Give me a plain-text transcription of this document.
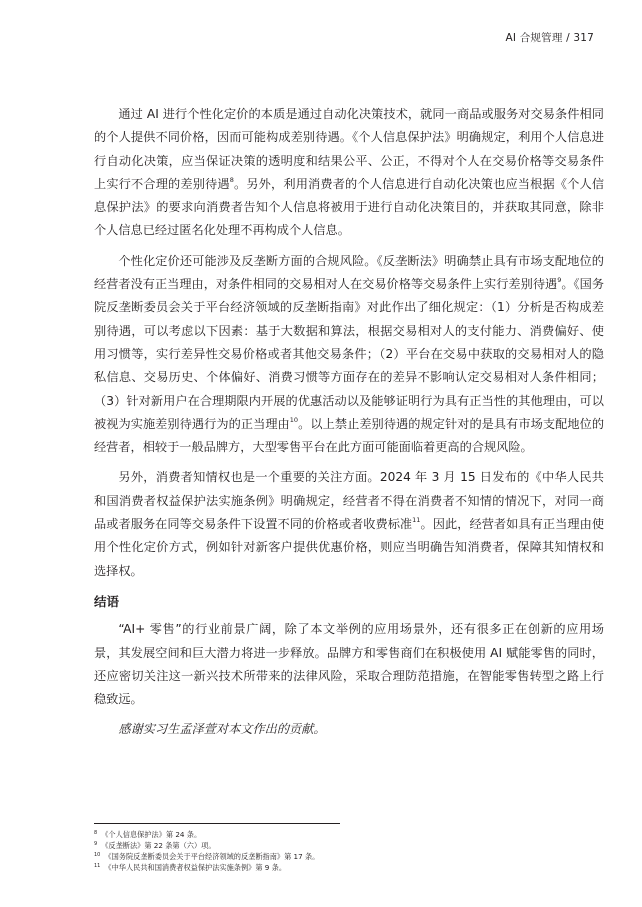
AI 合规管理 / 317

通过 AI 进行个性化定价的本质是通过自动化决策技术，就同一商品或服务对交易条件相同的个人提供不同价格，因而可能构成差别待遇。《个人信息保护法》明确规定，利用个人信息进行自动化决策，应当保证决策的透明度和结果公平、公正，不得对个人在交易价格等交易条件上实行不合理的差别待遇$^8$。另外，利用消费者的个人信息进行自动化决策也应当根据《个人信息保护法》的要求向消费者告知个人信息将被用于进行自动化决策目的，并获取其同意，除非个人信息已经过匿名化处理不再构成个人信息。

个性化定价还可能涉及反垄断方面的合规风险。《反垄断法》明确禁止具有市场支配地位的经营者没有正当理由，对条件相同的交易相对人在交易价格等交易条件上实行差别待遇$^9$。《国务院反垄断委员会关于平台经济领域的反垄断指南》对此作出了细化规定：（1）分析是否构成差别待遇，可以考虑以下因素：基于大数据和算法，根据交易相对人的支付能力、消费偏好、使用习惯等，实行差异性交易价格或者其他交易条件；（2）平台在交易中获取的交易相对人的隐私信息、交易历史、个体偏好、消费习惯等方面存在的差异不影响认定交易相对人条件相同；（3）针对新用户在合理期限内开展的优惠活动以及能够证明行为具有正当性的其他理由，可以被视为实施差别待遇行为的正当理由$^{10}$。以上禁止差别待遇的规定针对的是具有市场支配地位的经营者，相较于一般品牌方，大型零售平台在此方面可能面临着更高的合规风险。

另外，消费者知情权也是一个重要的关注方面。2024 年 3 月 15 日发布的《中华人民共和国消费者权益保护法实施条例》明确规定，经营者不得在消费者不知情的情况下，对同一商品或者服务在同等交易条件下设置不同的价格或者收费标准$^{11}$。因此，经营者如具有正当理由使用个性化定价方式，例如针对新客户提供优惠价格，则应当明确告知消费者，保障其知情权和选择权。

结语

“AI+ 零售”的行业前景广阔，除了本文举例的应用场景外，还有很多正在创新的应用场景，其发展空间和巨大潜力将进一步释放。品牌方和零售商们在积极使用 AI 赋能零售的同时，还应密切关注这一新兴技术所带来的法律风险，采取合理防范措施，在智能零售转型之路上行稳致远。

感谢实习生孟泽萱对本文作出的贡献。

$^8$ 《个人信息保护法》第 24 条。
$^9$ 《反垄断法》第 22 条第（六）项。
$^{10}$ 《国务院反垄断委员会关于平台经济领域的反垄断指南》第 17 条。
$^{11}$ 《中华人民共和国消费者权益保护法实施条例》第 9 条。
